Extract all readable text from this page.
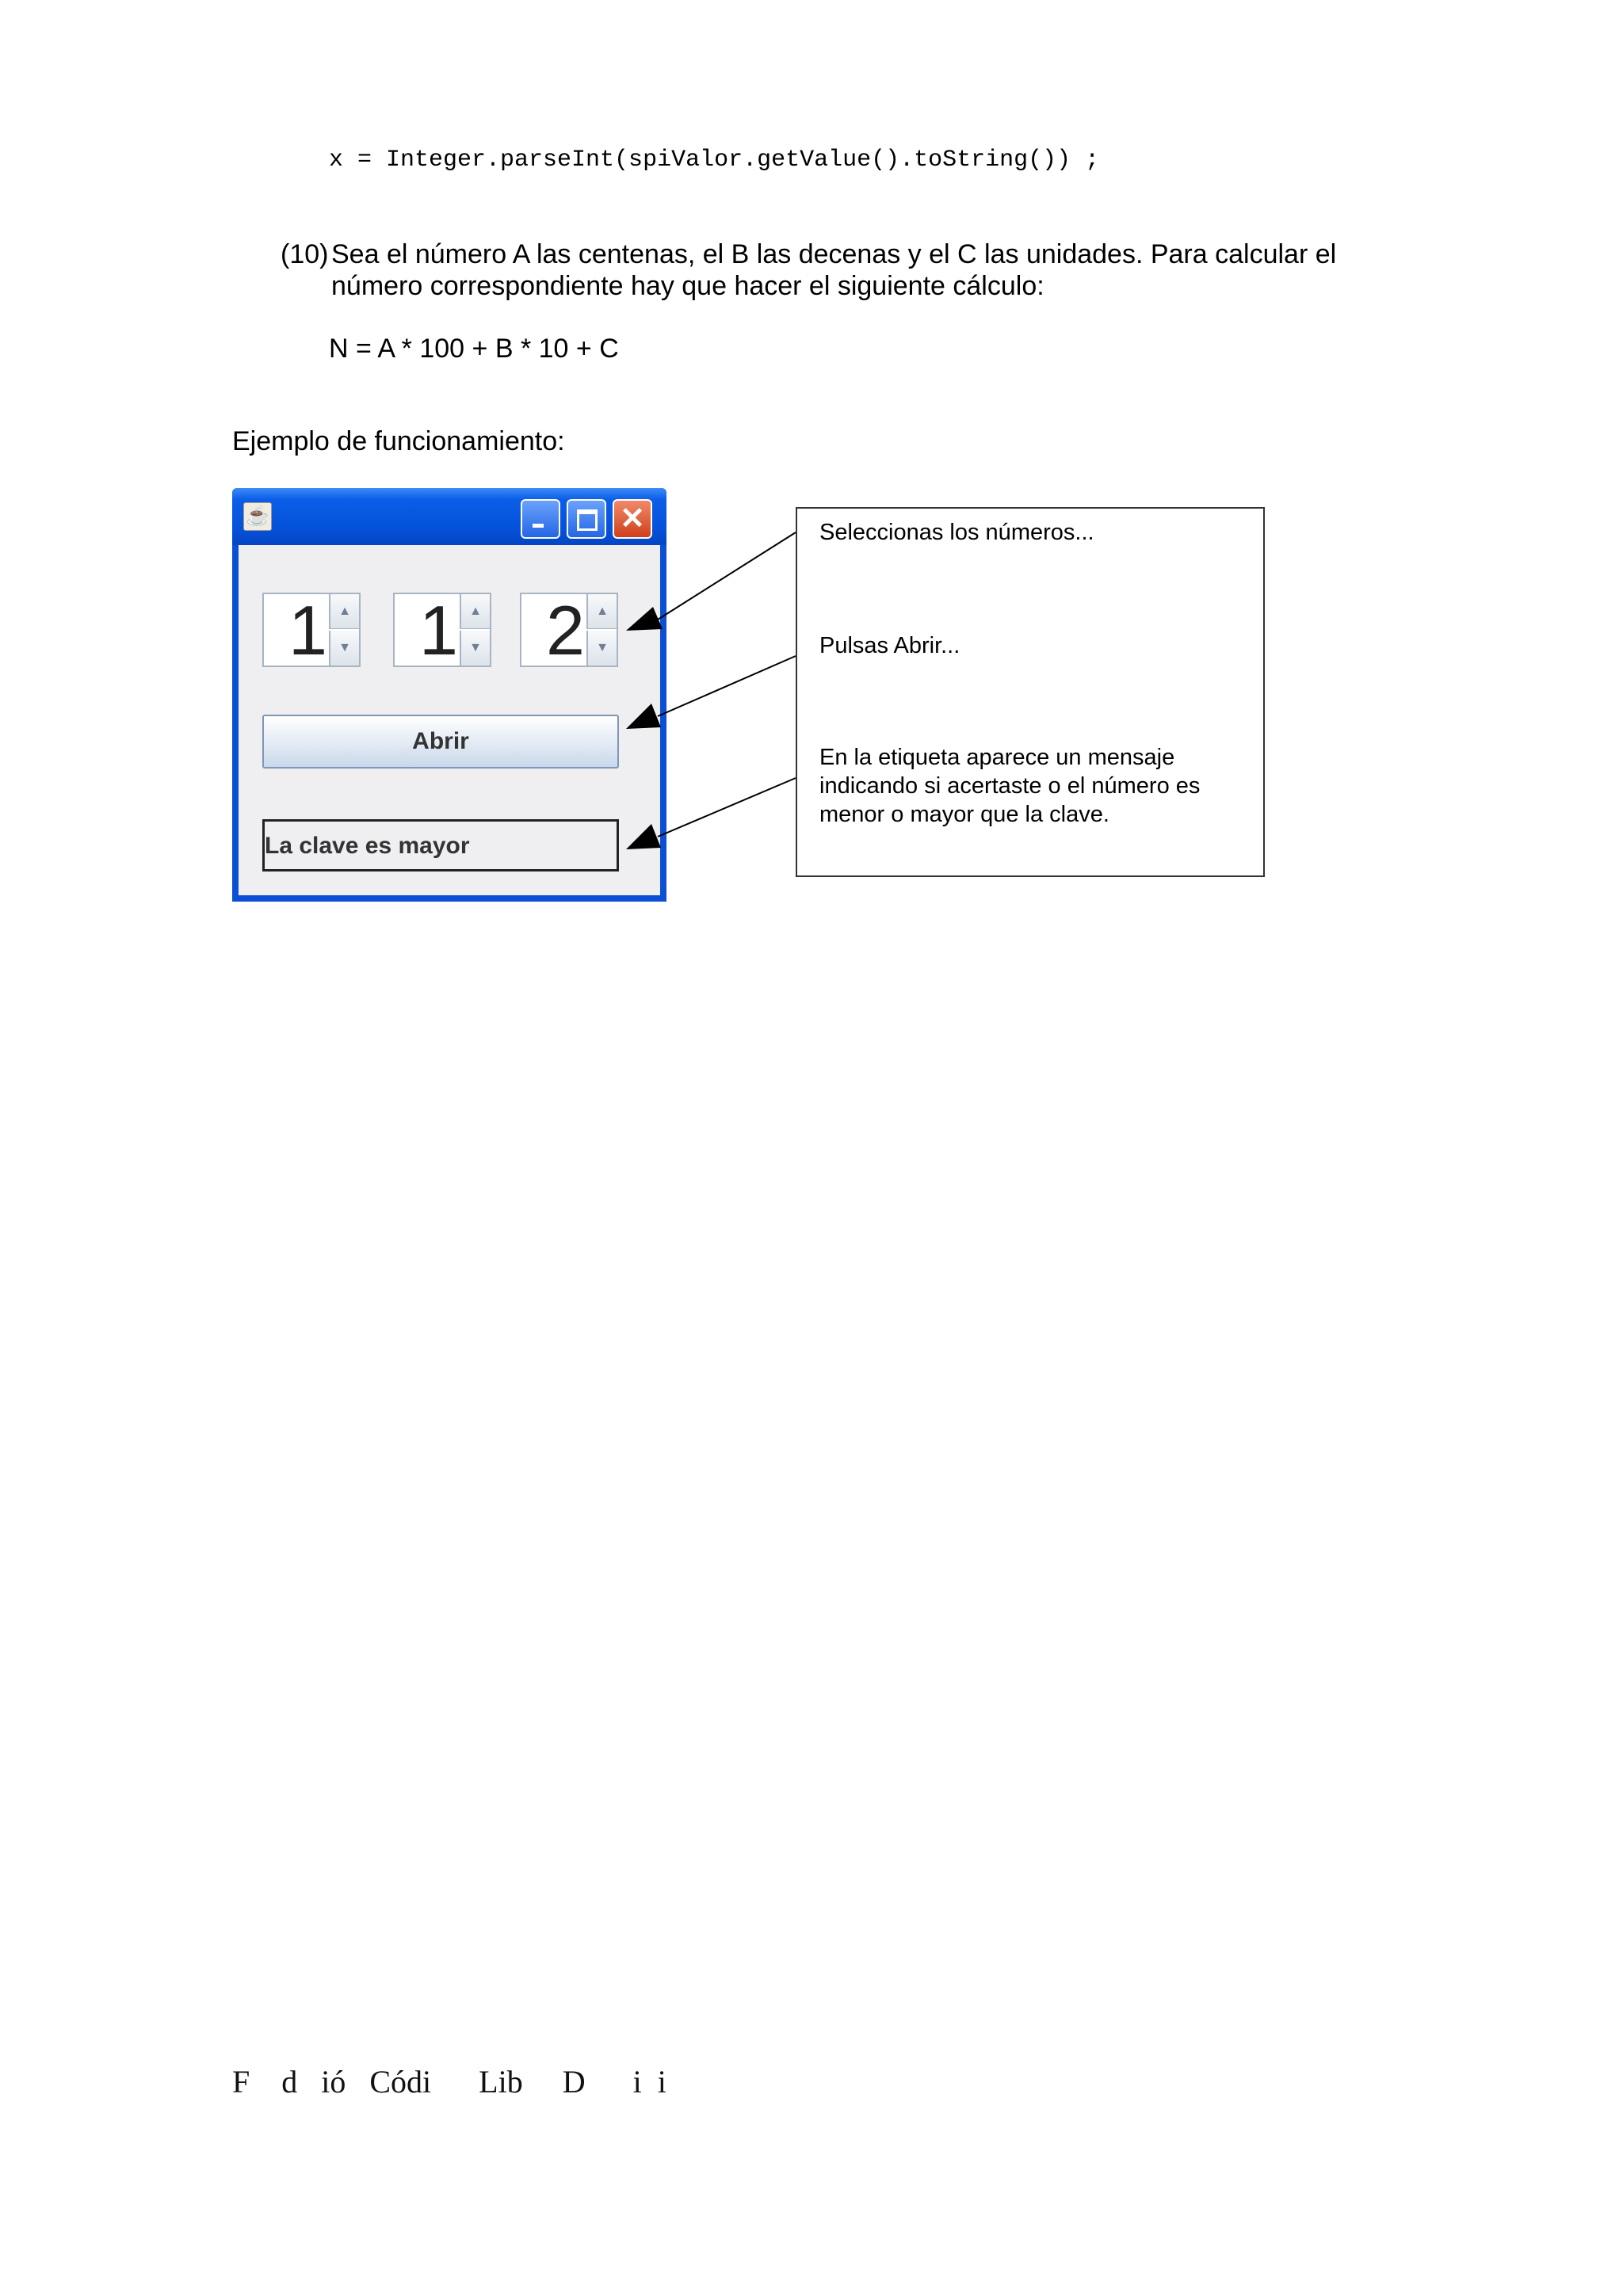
x = Integer.parseInt(spiValor.getValue().toString()) ;
(10) Sea el número A las centenas, el B las decenas y el C las unidades. Para calcular el
número correspondiente hay que hacer el siguiente cálculo:
N = A * 100 + B * 10 + C
Ejemplo de funcionamiento:
☕	✕
1 ▲
▼ 1 ▲
▼ 2 ▲
▼
Abrir
La clave es mayor
Seleccionas los números...
Pulsas Abrir...
En la etiqueta aparece un mensaje
indicando si acertaste o el número es
menor o mayor que la clave.
F    d   ió   Códi      Lib     D      i  i
